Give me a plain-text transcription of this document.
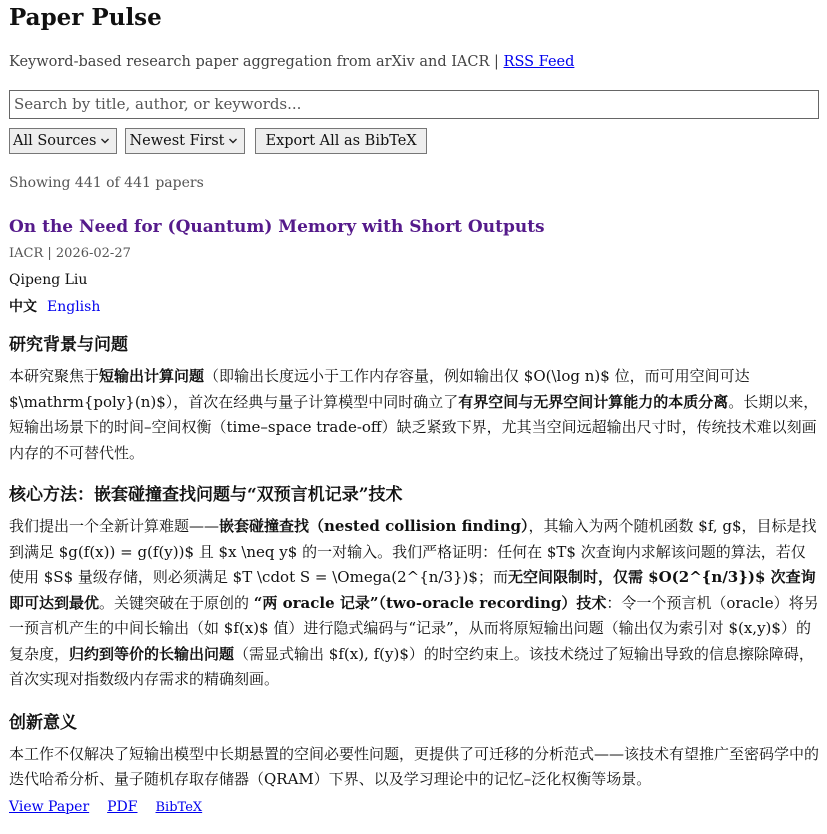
Paper Pulse
Keyword-based research paper aggregation from arXiv and IACR | RSS Feed
Search by title, author, or keywords...
All Sources Newest First	Export All as BibTeX
Showing 441 of 441 papers
On the Need for (Quantum) Memory with Short Outputs
IACR | 2026-02-27
Qipeng Liu
中文 English
研究背景与问题

本研究聚焦于短输出计算问题（即输出长度远小于工作内存容量，例如输出仅 $O(\log n)$ 位，而可用空间可达 $\mathrm{poly}(n)$），首次在经典与量子计算模型中同时确立了有界空间与无界空间计算能力的本质分离。长期以来，短输出场景下的时间–空间权衡（time–space trade-off）缺乏紧致下界，尤其当空间远超输出尺寸时，传统技术难以刻画内存的不可替代性。

核心方法：嵌套碰撞查找问题与“双预言机记录”技术

我们提出一个全新计算难题——嵌套碰撞查找（nested collision finding），其输入为两个随机函数 $f, g$，目标是找到满足 $g(f(x)) = g(f(y))$ 且 $x \neq y$ 的一对输入。我们严格证明：任何在 $T$ 次查询内求解该问题的算法，若仅使用 $S$ 量级存储，则必须满足 $T \cdot S = \Omega(2^{n/3})$；而无空间限制时，仅需 $O(2^{n/3})$ 次查询即可达到最优。关键突破在于原创的 “两 oracle 记录”（two-oracle recording）技术：令一个预言机（oracle）将另一预言机产生的中间长输出（如 $f(x)$ 值）进行隐式编码与“记录”，从而将原短输出问题（输出仅为索引对 $(x,y)$）的复杂度，归约到等价的长输出问题（需显式输出 $f(x), f(y)$）的时空约束上。该技术绕过了短输出导致的信息擦除障碍，首次实现对指数级内存需求的精确刻画。

创新意义

本工作不仅解决了短输出模型中长期悬置的空间必要性问题，更提供了可迁移的分析范式——该技术有望推广至密码学中的迭代哈希分析、量子随机存取存储器（QRAM）下界、以及学习理论中的记忆–泛化权衡等场景。

View Paper PDF BibTeX
